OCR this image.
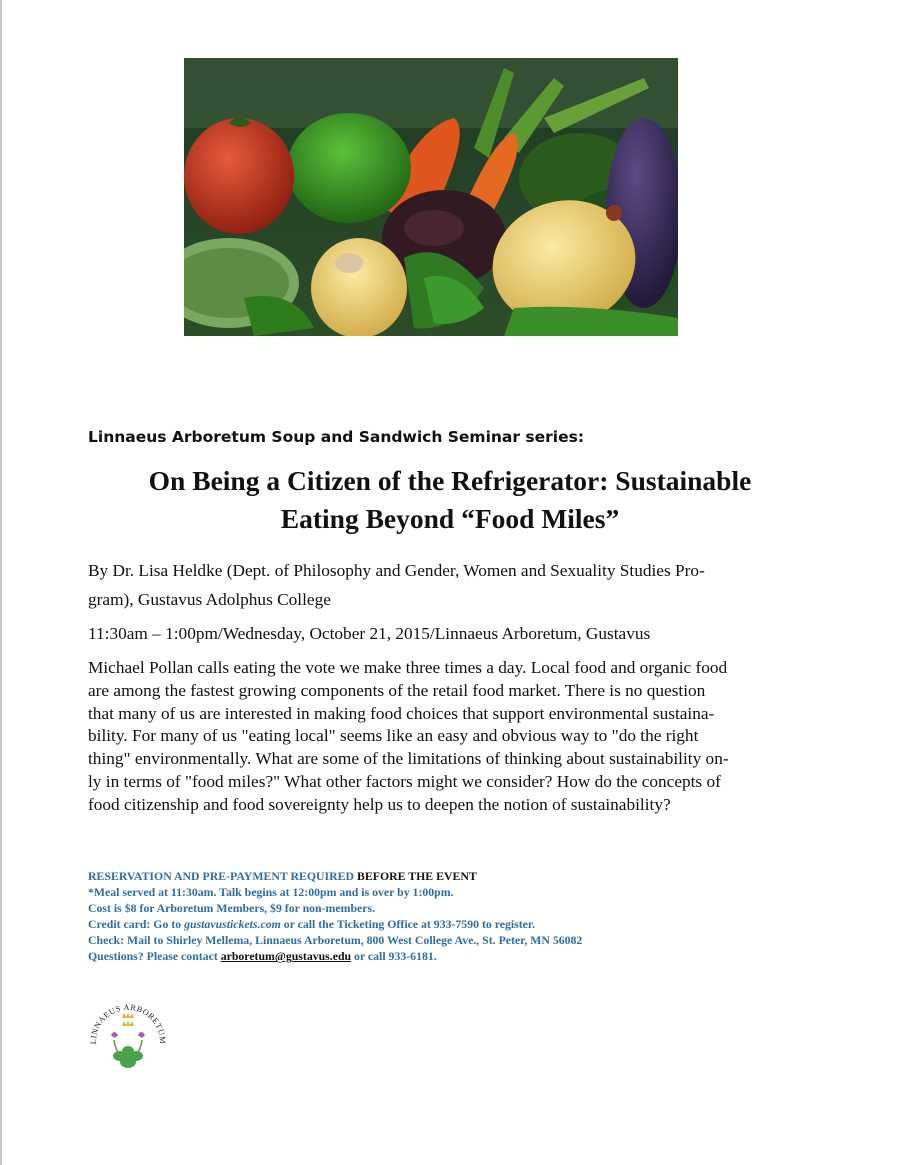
Linnaeus Arboretum Soup and Sandwich Seminar series:
On Being a Citizen of the Refrigerator: Sustainable
Eating Beyond “Food Miles”
By Dr. Lisa Heldke (Dept. of Philosophy and Gender, Women and Sexuality Studies Pro-
gram), Gustavus Adolphus College
11:30am – 1:00pm/Wednesday, October 21, 2015/Linnaeus Arboretum, Gustavus
Michael Pollan calls eating the vote we make three times a day. Local food and organic food
are among the fastest growing components of the retail food market. There is no question
that many of us are interested in making food choices that support environmental sustaina-
bility. For many of us "eating local" seems like an easy and obvious way to "do the right
thing" environmentally. What are some of the limitations of thinking about sustainability on-
ly in terms of "food miles?" What other factors might we consider? How do the concepts of
food citizenship and food sovereignty help us to deepen the notion of sustainability?
RESERVATION AND PRE-PAYMENT REQUIRED BEFORE THE EVENT
*Meal served at 11:30am. Talk begins at 12:00pm and is over by 1:00pm.
Cost is $8 for Arboretum Members, $9 for non-members.
Credit card: Go to gustavustickets.com or call the Ticketing Office at 933-7590 to register.
Check: Mail to Shirley Mellema, Linnaeus Arboretum, 800 West College Ave., St. Peter, MN 56082
Questions? Please contact arboretum@gustavus.edu or call 933-6181.
LINNAEUS ARBORETUM
